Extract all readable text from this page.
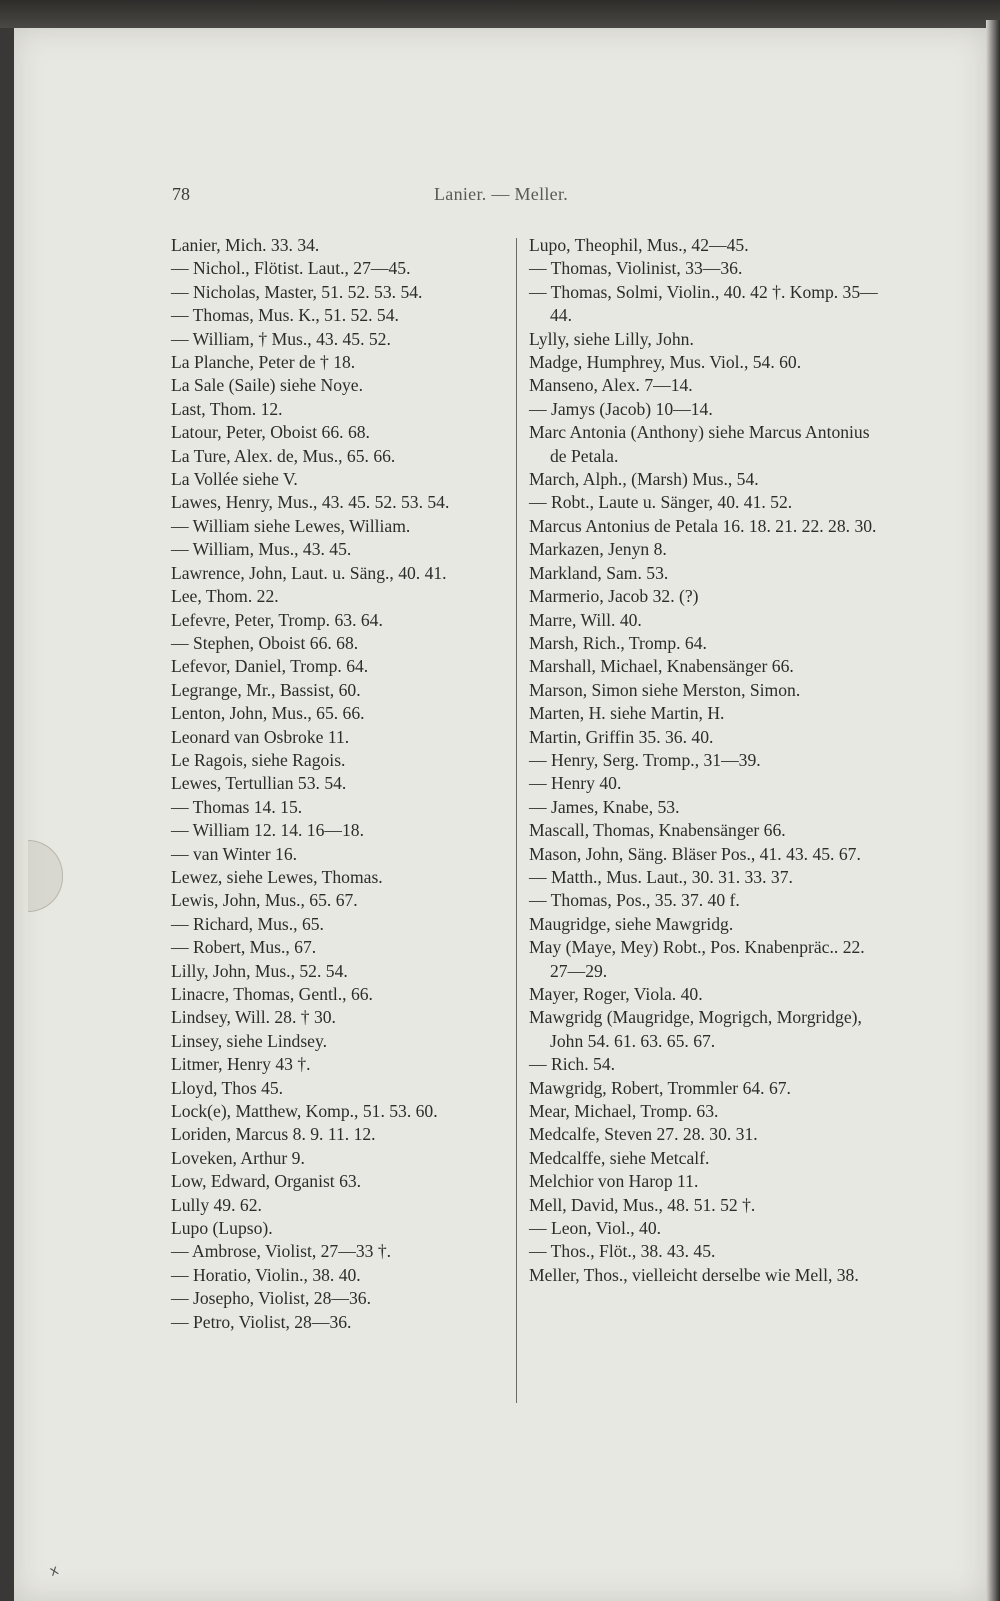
78	Lanier. — Meller.
Lanier, Mich. 33. 34.
— Nichol., Flötist. Laut., 27—45.
— Nicholas, Master, 51. 52. 53. 54.
— Thomas, Mus. K., 51. 52. 54.
— William, † Mus., 43. 45. 52.
La Planche, Peter de † 18.
La Sale (Saile) siehe Noye.
Last, Thom. 12.
Latour, Peter, Oboist 66. 68.
La Ture, Alex. de, Mus., 65. 66.
La Vollée siehe V.
Lawes, Henry, Mus., 43. 45. 52. 53. 54.
— William siehe Lewes, William.
— William, Mus., 43. 45.
Lawrence, John, Laut. u. Säng., 40. 41.
Lee, Thom. 22.
Lefevre, Peter, Tromp. 63. 64.
— Stephen, Oboist 66. 68.
Lefevor, Daniel, Tromp. 64.
Legrange, Mr., Bassist, 60.
Lenton, John, Mus., 65. 66.
Leonard van Osbroke 11.
Le Ragois, siehe Ragois.
Lewes, Tertullian 53. 54.
— Thomas 14. 15.
— William 12. 14. 16—18.
— van Winter 16.
Lewez, siehe Lewes, Thomas.
Lewis, John, Mus., 65. 67.
— Richard, Mus., 65.
— Robert, Mus., 67.
Lilly, John, Mus., 52. 54.
Linacre, Thomas, Gentl., 66.
Lindsey, Will. 28. † 30.
Linsey, siehe Lindsey.
Litmer, Henry 43 †.
Lloyd, Thos 45.
Lock(e), Matthew, Komp., 51. 53. 60.
Loriden, Marcus 8. 9. 11. 12.
Loveken, Arthur 9.
Low, Edward, Organist 63.
Lully 49. 62.
Lupo (Lupso).
— Ambrose, Violist, 27—33 †.
— Horatio, Violin., 38. 40.
— Josepho, Violist, 28—36.
— Petro, Violist, 28—36.
Lupo, Theophil, Mus., 42—45.
— Thomas, Violinist, 33—36.
— Thomas, Solmi, Violin., 40. 42 †. Komp. 35—44.
Lylly, siehe Lilly, John.
Madge, Humphrey, Mus. Viol., 54. 60.
Manseno, Alex. 7—14.
— Jamys (Jacob) 10—14.
Marc Antonia (Anthony) siehe Marcus Antonius de Petala.
March, Alph., (Marsh) Mus., 54.
— Robt., Laute u. Sänger, 40. 41. 52.
Marcus Antonius de Petala 16. 18. 21. 22. 28. 30.
Markazen, Jenyn 8.
Markland, Sam. 53.
Marmerio, Jacob 32. (?)
Marre, Will. 40.
Marsh, Rich., Tromp. 64.
Marshall, Michael, Knabensänger 66.
Marson, Simon siehe Merston, Simon.
Marten, H. siehe Martin, H.
Martin, Griffin 35. 36. 40.
— Henry, Serg. Tromp., 31—39.
— Henry 40.
— James, Knabe, 53.
Mascall, Thomas, Knabensänger 66.
Mason, John, Säng. Bläser Pos., 41. 43. 45. 67.
— Matth., Mus. Laut., 30. 31. 33. 37.
— Thomas, Pos., 35. 37. 40 f.
Maugridge, siehe Mawgridg.
May (Maye, Mey) Robt., Pos. Knabenpräc.. 22. 27—29.
Mayer, Roger, Viola. 40.
Mawgridg (Maugridge, Mogrigch, Morgridge), John 54. 61. 63. 65. 67.
— Rich. 54.
Mawgridg, Robert, Trommler 64. 67.
Mear, Michael, Tromp. 63.
Medcalfe, Steven 27. 28. 30. 31.
Medcalffe, siehe Metcalf.
Melchior von Harop 11.
Mell, David, Mus., 48. 51. 52 †.
— Leon, Viol., 40.
— Thos., Flöt., 38. 43. 45.
Meller, Thos., vielleicht derselbe wie Mell, 38.
x
